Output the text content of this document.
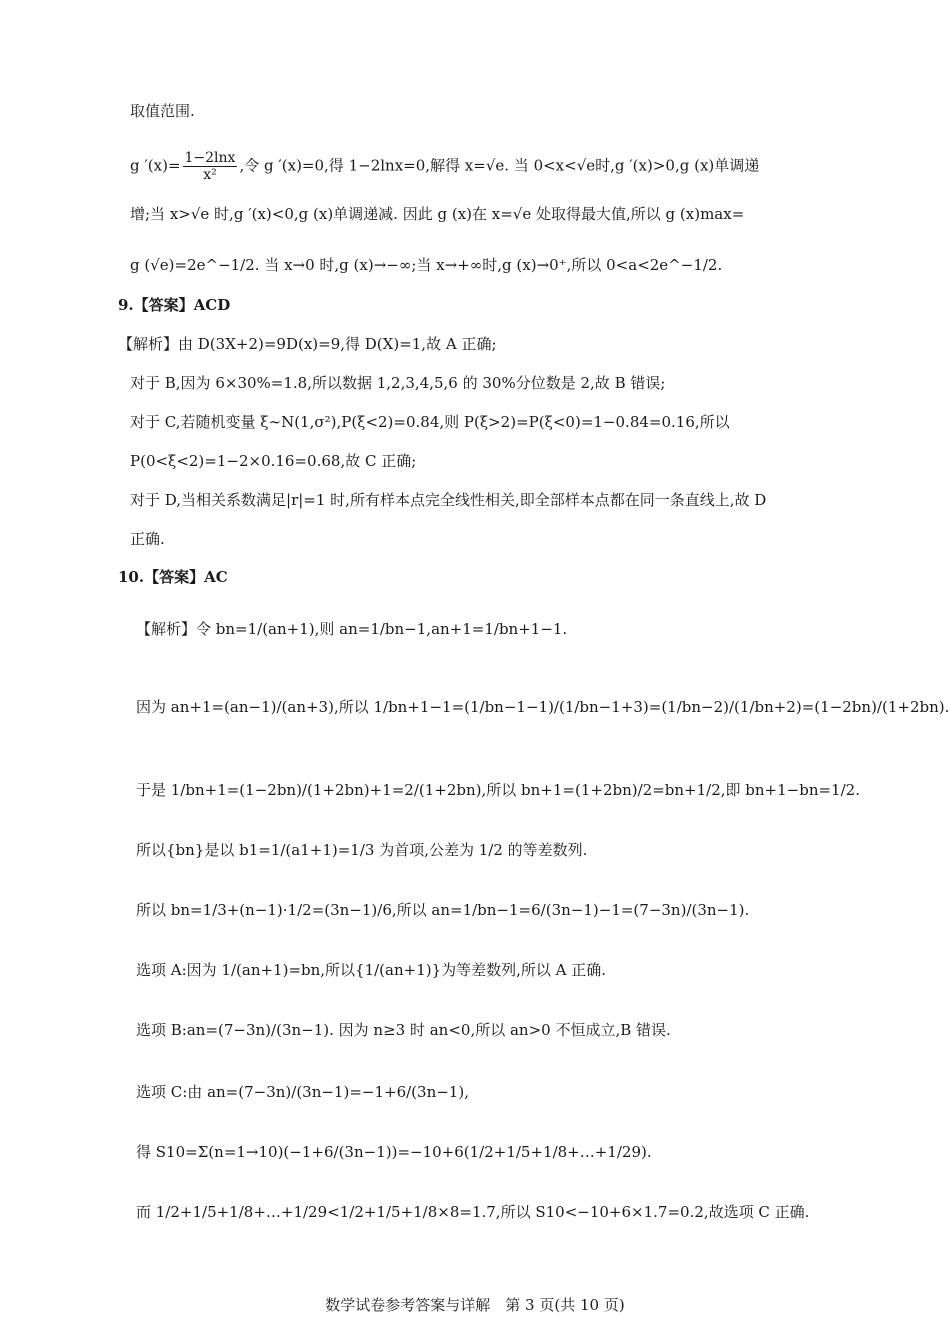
取值范围.
g $'(x)= \frac{1-2\ln x}{\text{x²}}$ ,令 g ′(x)=0,得 1−2lnx=0,解得 x=√e. 当 0<x<√e时,g ′(x)>0,g (x)单调递
增;当 x>√e 时,g ′(x)<0,g (x)单调递减. 因此 g (x)在 x=√e 处取得最大值,所以 g (x)max=
g (√e)=2e^−1/2. 当 x→0 时,g (x)→−∞;当 x→+∞时,g (x)→0⁺,所以 0<a<2e^−1/2.
9.【答案】ACD
【解析】由 D(3X+2)=9D(x)=9,得 D(X)=1,故 A 正确;
对于 B,因为 6×30%=1.8,所以数据 1,2,3,4,5,6 的 30%分位数是 2,故 B 错误;
对于 C,若随机变量 ξ∼N(1,σ²),P(ξ<2)=0.84,则 P(ξ>2)=P(ξ<0)=1−0.84=0.16,所以
P(0<ξ<2)=1−2×0.16=0.68,故 C 正确;
对于 D,当相关系数满足|r|=1 时,所有样本点完全线性相关,即全部样本点都在同一条直线上,故 D
正确.
10.【答案】AC
【解析】令 bn=1/(an+1),则 an=1/bn−1,an+1=1/bn+1−1.
因为 an+1=(an−1)/(an+3),所以 1/bn+1−1=(1/bn−1−1)/(1/bn−1+3)=(1/bn−2)/(1/bn+2)=(1−2bn)/(1+2bn).
于是 1/bn+1=(1−2bn)/(1+2bn)+1=2/(1+2bn),所以 bn+1=(1+2bn)/2=bn+1/2,即 bn+1−bn=1/2.
所以{bn}是以 b1=1/(a1+1)=1/3 为首项,公差为 1/2 的等差数列.
所以 bn=1/3+(n−1)·1/2=(3n−1)/6,所以 an=1/bn−1=6/(3n−1)−1=(7−3n)/(3n−1).
选项 A:因为 1/(an+1)=bn,所以{1/(an+1)}为等差数列,所以 A 正确.
选项 B:an=(7−3n)/(3n−1). 因为 n≥3 时 an<0,所以 an>0 不恒成立,B 错误.
选项 C:由 an=(7−3n)/(3n−1)=−1+6/(3n−1),
得 S10=Σ(n=1→10)(−1+6/(3n−1))=−10+6(1/2+1/5+1/8+…+1/29).
而 1/2+1/5+1/8+…+1/29<1/2+1/5+1/8×8=1.7,所以 S10<−10+6×1.7=0.2,故选项 C 正确.
数学试卷参考答案与详解　第 3 页(共 10 页)
